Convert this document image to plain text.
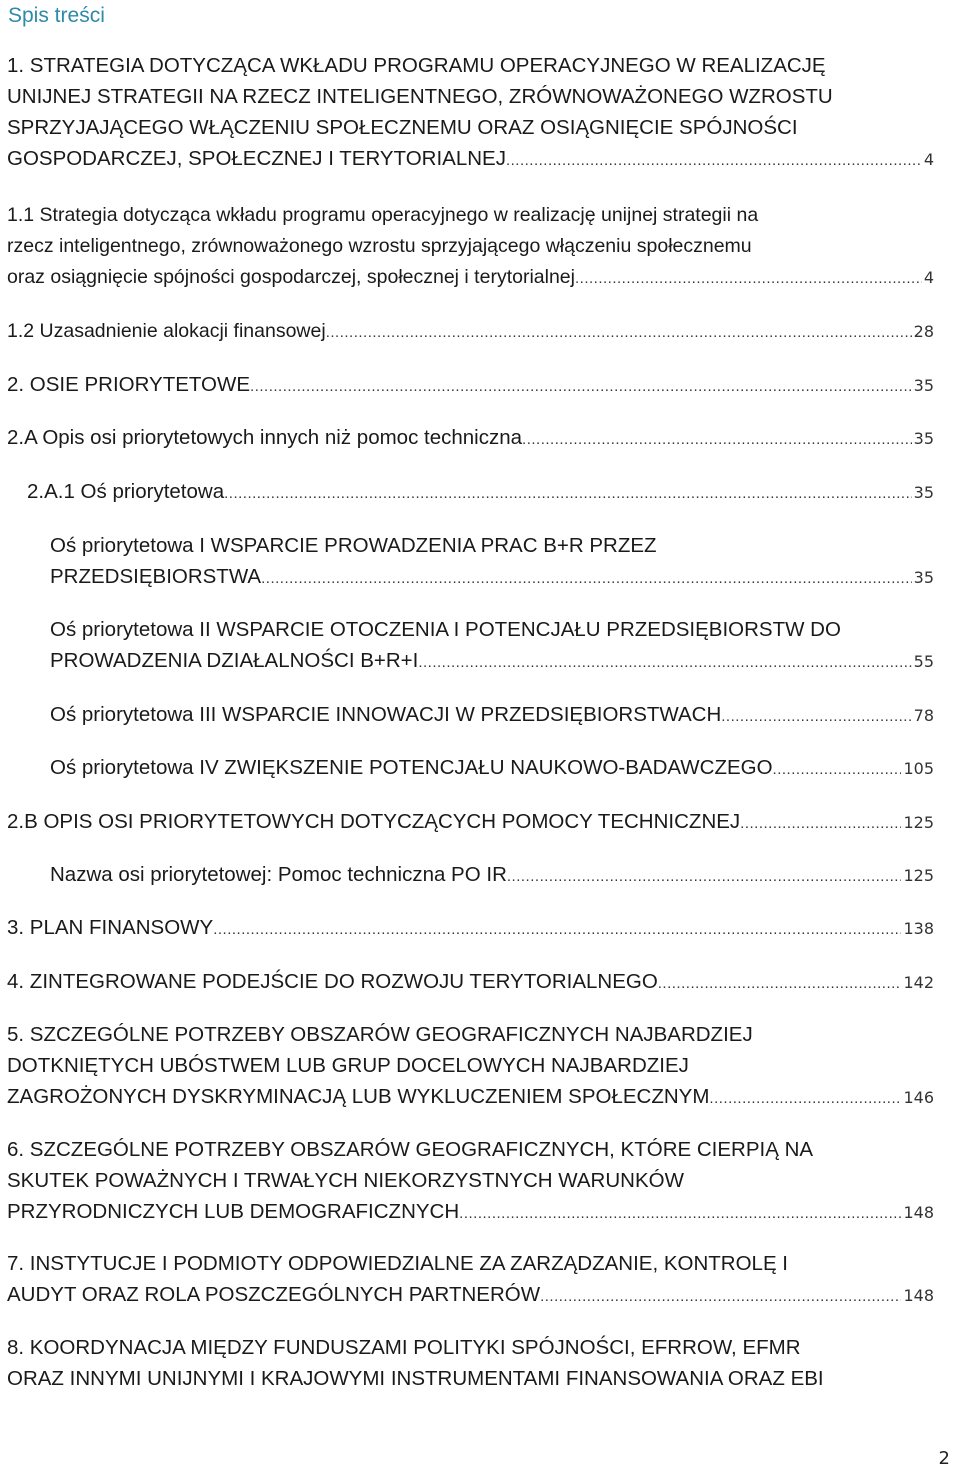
Spis treści
1. STRATEGIA DOTYCZĄCA WKŁADU PROGRAMU OPERACYJNEGO W REALIZACJĘ
UNIJNEJ STRATEGII NA RZECZ INTELIGENTNEGO, ZRÓWNOWAŻONEGO WZROSTU
SPRZYJAJĄCEGO WŁĄCZENIU SPOŁECZNEMU ORAZ OSIĄGNIĘCIE SPÓJNOŚCI
GOSPODARCZEJ, SPOŁECZNEJ I TERYTORIALNEJ .....	4
1.1 Strategia dotycząca wkładu programu operacyjnego w realizację unijnej strategii na
rzecz inteligentnego, zrównoważonego wzrostu sprzyjającego włączeniu społecznemu
oraz osiągnięcie spójności gospodarczej, społecznej i terytorialnej .....	4
1.2 Uzasadnienie alokacji finansowej .....	28
2. OSIE PRIORYTETOWE .....	35
2.A Opis osi priorytetowych innych niż pomoc techniczna .....	35
2.A.1 Oś priorytetowa .....	35
Oś priorytetowa I WSPARCIE PROWADZENIA PRAC B+R PRZEZ
PRZEDSIĘBIORSTWA .....	35
Oś priorytetowa II WSPARCIE OTOCZENIA I POTENCJAŁU PRZEDSIĘBIORSTW DO
PROWADZENIA DZIAŁALNOŚCI B+R+I .....	55
Oś priorytetowa III WSPARCIE INNOWACJI W PRZEDSIĘBIORSTWACH .....	78
Oś priorytetowa IV ZWIĘKSZENIE POTENCJAŁU NAUKOWO-BADAWCZEGO .....	105
2.B OPIS OSI PRIORYTETOWYCH DOTYCZĄCYCH POMOCY TECHNICZNEJ .....	125
Nazwa osi priorytetowej: Pomoc techniczna PO IR .....	125
3. PLAN FINANSOWY .....	138
4. ZINTEGROWANE PODEJŚCIE DO ROZWOJU TERYTORIALNEGO .....	142
5. SZCZEGÓLNE POTRZEBY OBSZARÓW GEOGRAFICZNYCH NAJBARDZIEJ
DOTKNIĘTYCH UBÓSTWEM LUB GRUP DOCELOWYCH NAJBARDZIEJ
ZAGROŻONYCH DYSKRYMINACJĄ LUB WYKLUCZENIEM SPOŁECZNYM .....	146
6. SZCZEGÓLNE POTRZEBY OBSZARÓW GEOGRAFICZNYCH, KTÓRE CIERPIĄ NA
SKUTEK POWAŻNYCH I TRWAŁYCH NIEKORZYSTNYCH WARUNKÓW
PRZYRODNICZYCH LUB DEMOGRAFICZNYCH .....	148
7. INSTYTUCJE I PODMIOTY ODPOWIEDZIALNE ZA ZARZĄDZANIE, KONTROLĘ I
AUDYT ORAZ ROLA POSZCZEGÓLNYCH PARTNERÓW .....	148
8. KOORDYNACJA MIĘDZY FUNDUSZAMI POLITYKI SPÓJNOŚCI, EFRROW, EFMR
ORAZ INNYMI UNIJNYMI I KRAJOWYMI INSTRUMENTAMI FINANSOWANIA ORAZ EBI
2
